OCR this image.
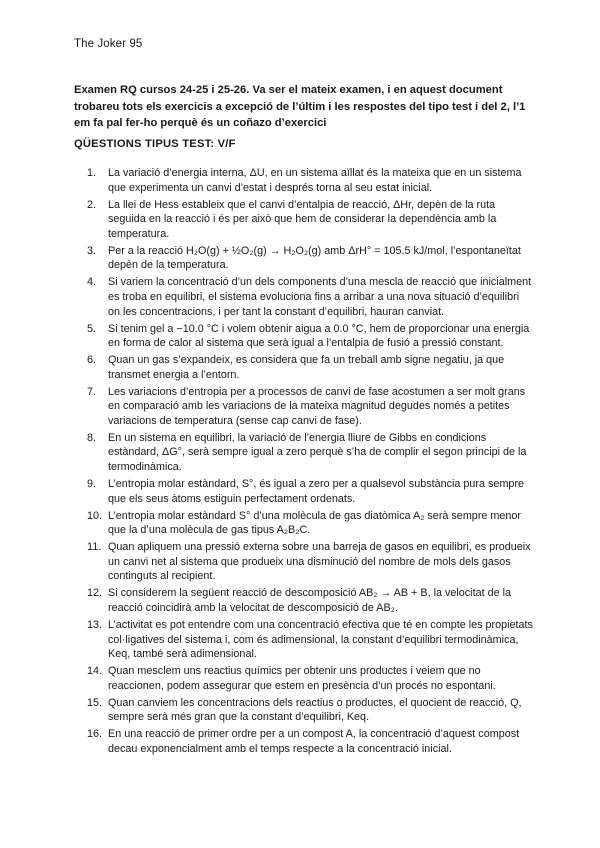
The Joker 95
Examen RQ cursos 24-25 i 25-26. Va ser el mateix examen, i en aquest document trobareu tots els exercicis a excepció de l’últim i les respostes del tipo test i del 2, l’1 em fa pal fer-ho perquè és un coñazo d’exercici
QÜESTIONS TIPUS TEST: V/F
1.	La variació d’energia interna, ΔU, en un sistema aïllat és la mateixa que en un sistema que experimenta un canvi d’estat i després torna al seu estat inicial.
2.	La llei de Hess estableix que el canvi d’entalpia de reacció, ΔHr, depèn de la ruta seguida en la reacció i és per això que hem de considerar la dependència amb la temperatura.
3.	Per a la reacció H₂O(g) + ½O₂(g) → H₂O₂(g) amb ΔrH° = 105.5 kJ/mol, l’espontaneïtat depèn de la temperatura.
4.	Si variem la concentració d’un dels components d’una mescla de reacció que inicialment es troba en equilibri, el sistema evoluciona fins a arribar a una nova situació d’equilibri on les concentracions, i per tant la constant d’equilibri, hauran canviat.
5.	Si tenim gel a −10.0 °C i volem obtenir aigua a 0.0 °C, hem de proporcionar una energia en forma de calor al sistema que serà igual a l’entalpia de fusió a pressió constant.
6.	Quan un gas s’expandeix, es considera que fa un treball amb signe negatiu, ja que transmet energia a l’entorn.
7.	Les variacions d’entropia per a processos de canvi de fase acostumen a ser molt grans en comparació amb les variacions de la mateixa magnitud degudes només a petites variacions de temperatura (sense cap canvi de fase).
8.	En un sistema en equilibri, la variació de l’energia lliure de Gibbs en condicions estàndard, ΔG°, serà sempre igual a zero perquè s’ha de complir el segon principi de la termodinàmica.
9.	L’entropia molar estàndard, S°, és igual a zero per a qualsevol substància pura sempre que els seus àtoms estiguin perfectament ordenats.
10. L’entropia molar estàndard S° d’una molècula de gas diatòmica A₂ serà sempre menor que la d’una molècula de gas tipus A₂B₂C.
11. Quan apliquem una pressió externa sobre una barreja de gasos en equilibri, es produeix un canvi net al sistema que produeix una disminució del nombre de mols dels gasos continguts al recipient.
12. Si considerem la següent reacció de descomposició AB₂ → AB + B, la velocitat de la reacció coincidirà amb la velocitat de descomposició de AB₂.
13. L’activitat es pot entendre com una concentració efectiva que té en compte les propietats col·ligatives del sistema i, com és adimensional, la constant d’equilibri termodinàmica, Keq, també serà adimensional.
14. Quan mesclem uns reactius químics per obtenir uns productes i veiem que no reaccionen, podem assegurar que estem en presència d’un procés no espontani.
15. Quan canviem les concentracions dels reactius o productes, el quocient de reacció, Q, sempre serà més gran que la constant d’equilibri, Keq.
16. En una reacció de primer ordre per a un compost A, la concentració d’aquest compost decau exponencialment amb el temps respecte a la concentració inicial.
